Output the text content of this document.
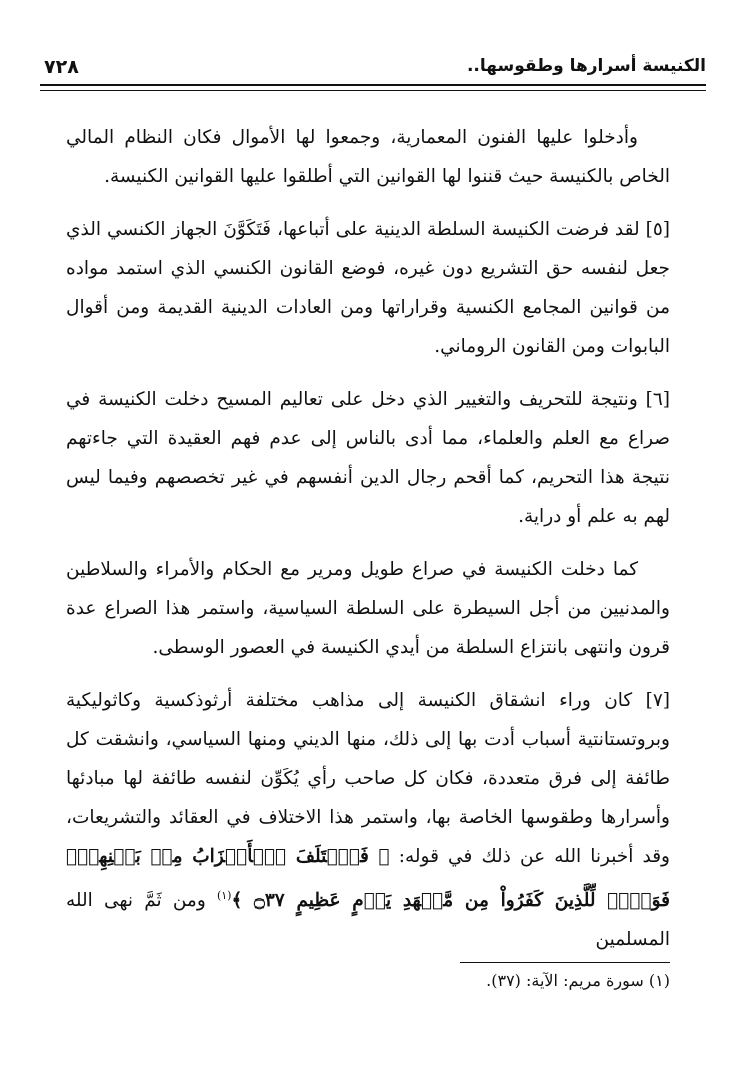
الكنيسة أسرارها وطقوسها..
٧٢٨

وأدخلوا عليها الفنون المعمارية، وجمعوا لها الأموال فكان النظام المالي الخاص بالكنيسة حيث قننوا لها القوانين التي أطلقوا عليها القوانين الكنيسة.

[٥] لقد فرضت الكنيسة السلطة الدينية على أتباعها، فَتَكَوَّنَ الجهاز الكنسي الذي جعل لنفسه حق التشريع دون غيره، فوضع القانون الكنسي الذي استمد مواده من قوانين المجامع الكنسية وقراراتها ومن العادات الدينية القديمة ومن أقوال البابوات ومن القانون الروماني.

[٦] ونتيجة للتحريف والتغيير الذي دخل على تعاليم المسيح دخلت الكنيسة في صراع مع العلم والعلماء، مما أدى بالناس إلى عدم فهم العقيدة التي جاءتهم نتيجة هذا التحريم، كما أقحم رجال الدين أنفسهم في غير تخصصهم وفيما ليس لهم به علم أو دراية.

كما دخلت الكنيسة في صراع طويل ومرير مع الحكام والأمراء والسلاطين والمدنيين من أجل السيطرة على السلطة السياسية، واستمر هذا الصراع عدة قرون وانتهى بانتزاع السلطة من أيدي الكنيسة في العصور الوسطى.

[٧] كان وراء انشقاق الكنيسة إلى مذاهب مختلفة أرثوذكسية وكاثوليكية وبروتستانتية أسباب أدت بها إلى ذلك، منها الديني ومنها السياسي، وانشقت كل طائفة إلى فرق متعددة، فكان كل صاحب رأي يُكَوِّن لنفسه طائفة لها مبادئها وأسرارها وطقوسها الخاصة بها، واستمر هذا الاختلاف في العقائد والتشريعات، وقد أخبرنا الله عن ذلك في قوله: ﴿ فَٱخۡتَلَفَ ٱلۡأَحۡزَابُ مِنۢ بَيۡنِهِمۡۖ فَوَيۡلٞ لِّلَّذِينَ كَفَرُواْ مِن مَّشۡهَدِ يَوۡمٍ عَظِيمٍ ۝٣٧ ﴾$^{(١)}$ ومن ثَمَّ نهى الله المسلمين

(١) سورة مريم: الآية: (٣٧).
